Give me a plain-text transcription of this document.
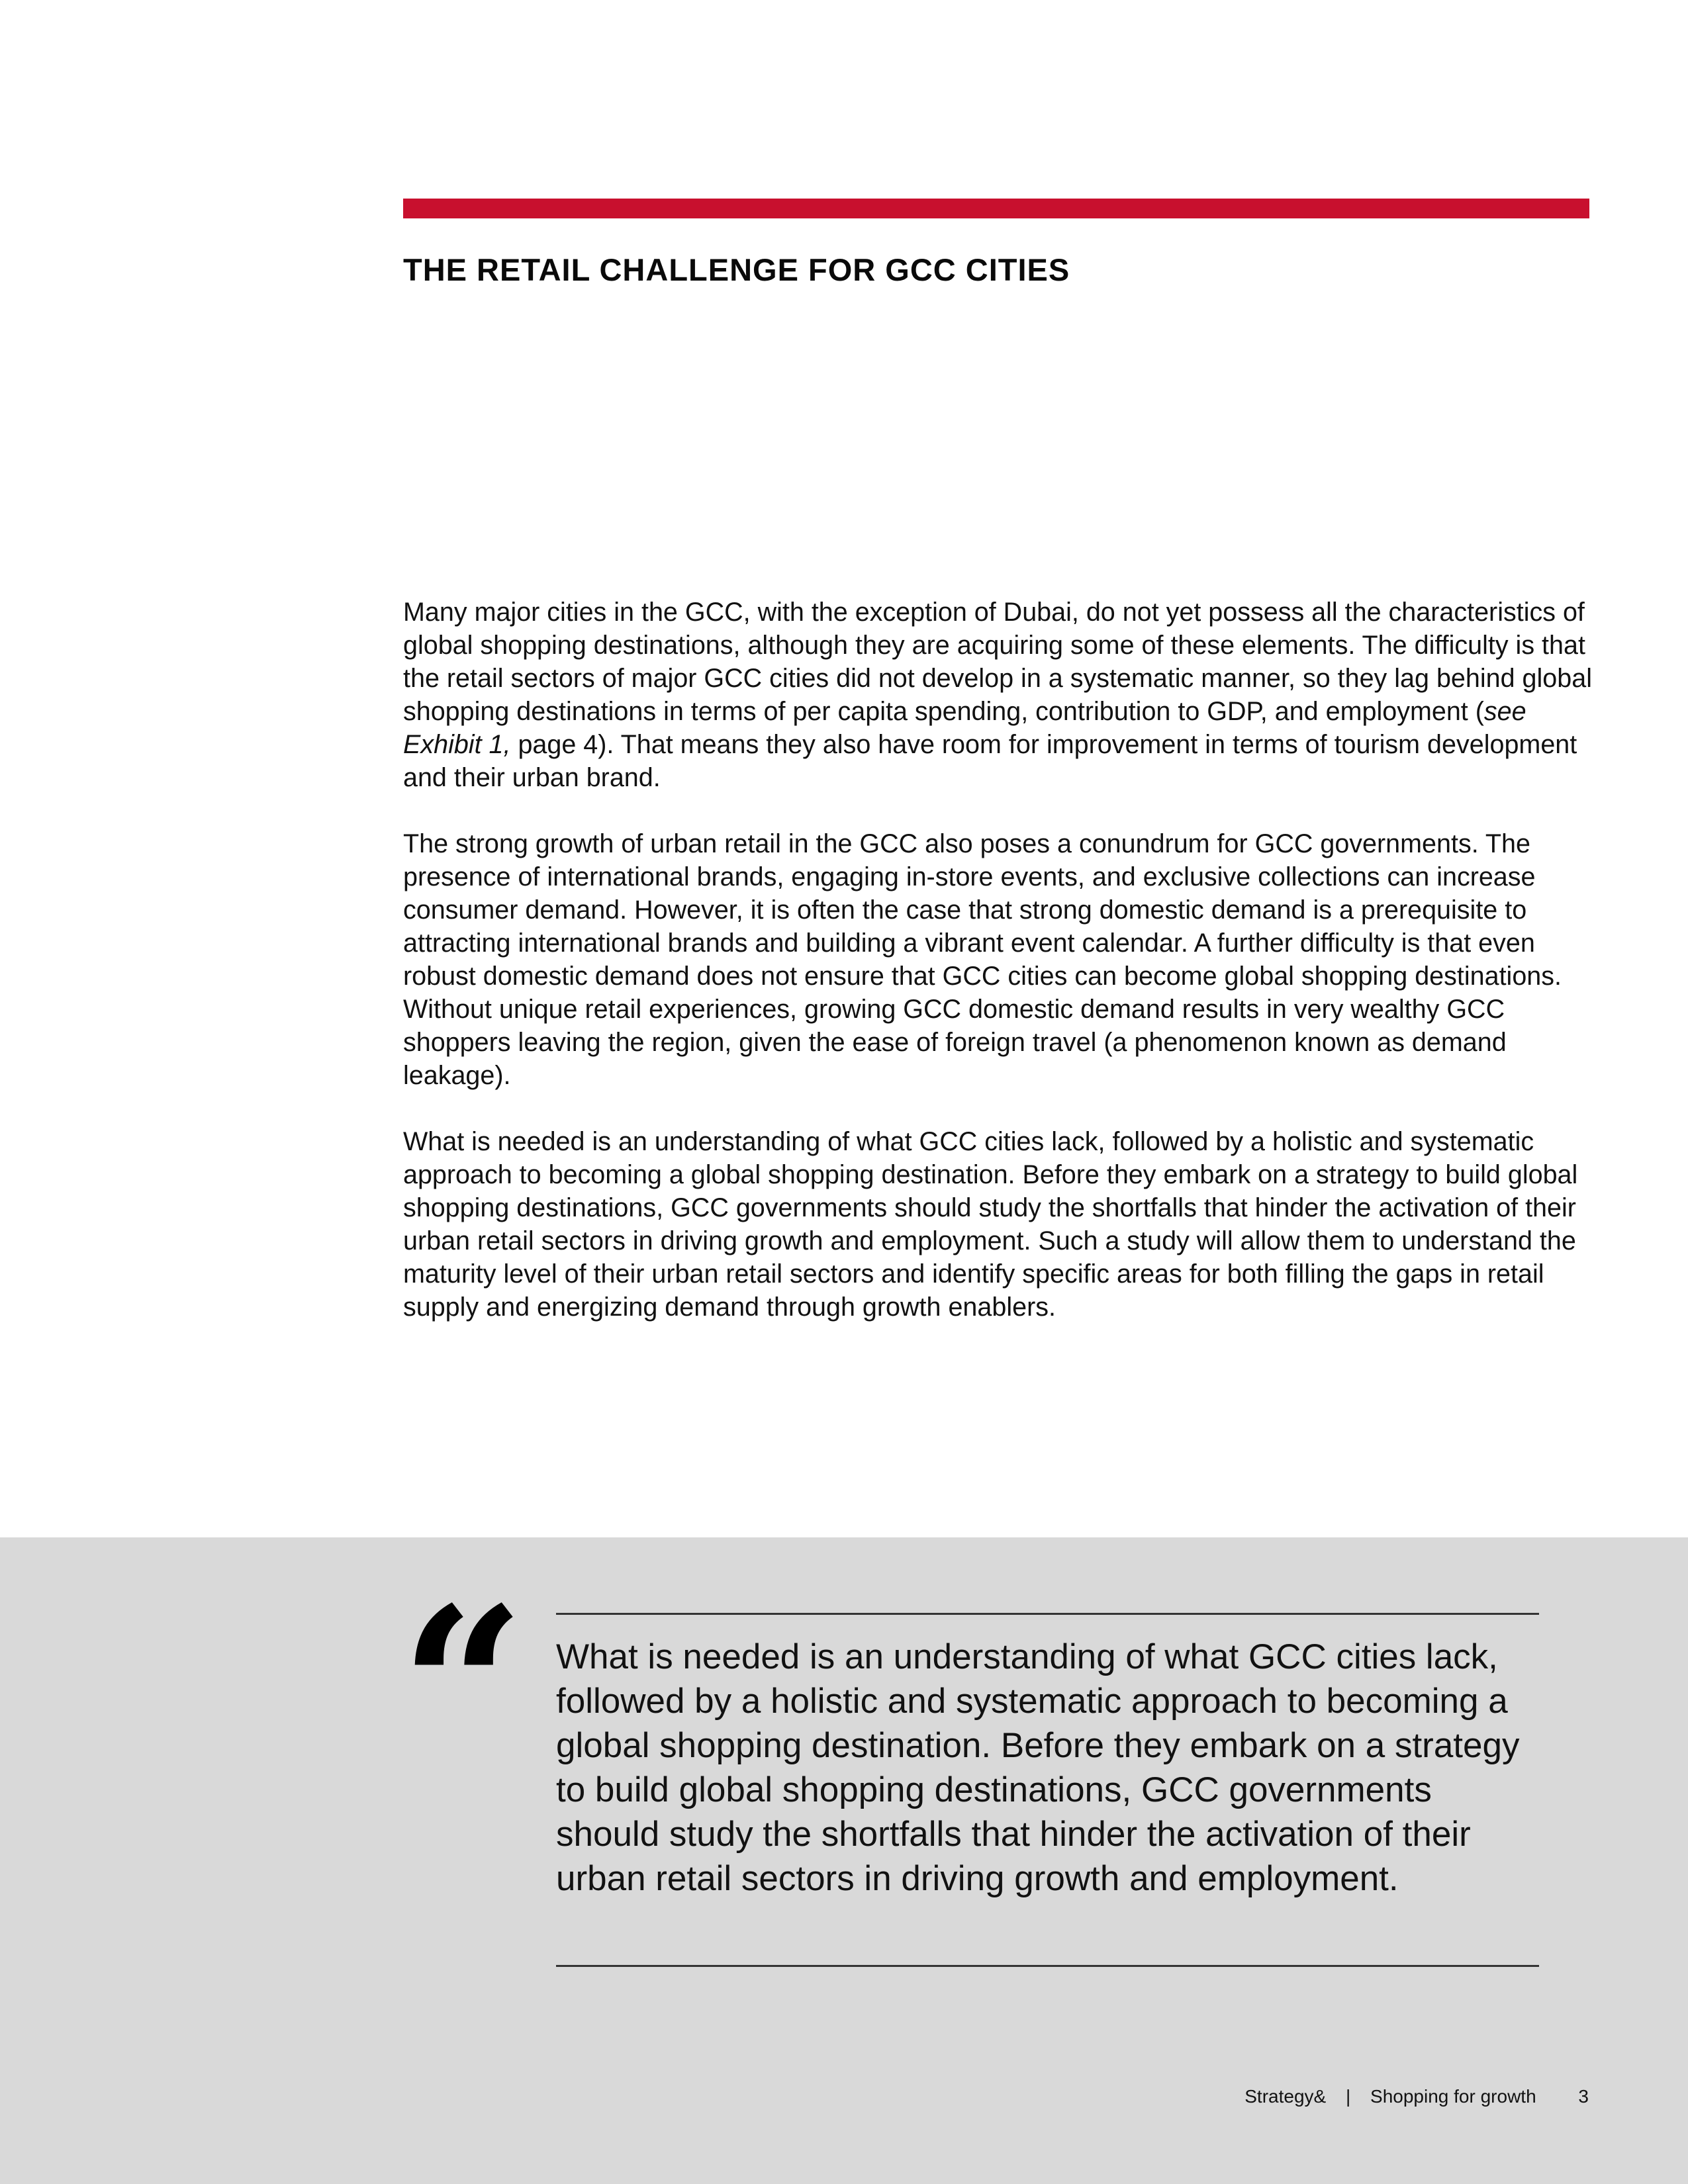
THE RETAIL CHALLENGE FOR GCC CITIES

Many major cities in the GCC, with the exception of Dubai, do not yet possess all the characteristics of global shopping destinations, although they are acquiring some of these elements. The difficulty is that the retail sectors of major GCC cities did not develop in a systematic manner, so they lag behind global shopping destinations in terms of per capita spending, contribution to GDP, and employment (see Exhibit 1, page 4). That means they also have room for improvement in terms of tourism development and their urban brand.

The strong growth of urban retail in the GCC also poses a conundrum for GCC governments. The presence of international brands, engaging in-store events, and exclusive collections can increase consumer demand. However, it is often the case that strong domestic demand is a prerequisite to attracting international brands and building a vibrant event calendar. A further difficulty is that even robust domestic demand does not ensure that GCC cities can become global shopping destinations. Without unique retail experiences, growing GCC domestic demand results in very wealthy GCC shoppers leaving the region, given the ease of foreign travel (a phenomenon known as demand leakage).

What is needed is an understanding of what GCC cities lack, followed by a holistic and systematic approach to becoming a global shopping destination. Before they embark on a strategy to build global shopping destinations, GCC governments should study the shortfalls that hinder the activation of their urban retail sectors in driving growth and employment. Such a study will allow them to understand the maturity level of their urban retail sectors and identify specific areas for both filling the gaps in retail supply and energizing demand through growth enablers.

“ What is needed is an understanding of what GCC cities lack, followed by a holistic and systematic approach to becoming a global shopping destination. Before they embark on a strategy to build global shopping destinations, GCC governments should study the shortfalls that hinder the activation of their urban retail sectors in driving growth and employment.

Strategy& | Shopping for growth 3
